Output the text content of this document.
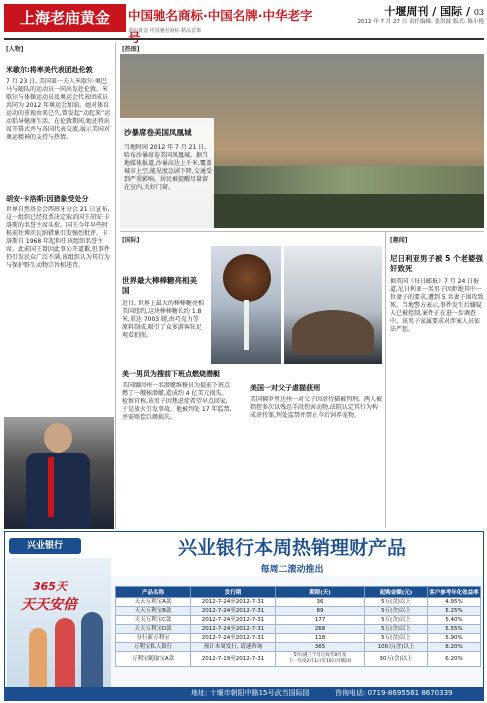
上海老庙黄金	中国驰名商标·中国名牌·中华老字
老庙黄金 中国驰名商标 精品首饰
十堰周刊 / 国际 / 03
2012 年 7 月 27 日 责任编辑: 张洪波 版式: 陈小艳
[人物]
米歇尔:将率美代表团赴伦敦
7 月 23 日, 美国第一夫人米歇尔·奥巴马与随队的运动员一同出发赴伦敦。米歇尔与体操运动员及奥运会代表团成员共同为 2012 年奥运会加油。她对体育运动的重视由来已久,曾发起“动起来”运动倡导健康生活。在伦敦期间,她还将出席开幕式并与各国代表交流,展示美国对奥运精神的支持与热情。
胡安·卡洛斯:因猎象受处分
世界自然基金会西班牙分会 21 日宣布,这一组织已经投票决定取消国王胡安·卡洛斯的名誉主席头衔。国王今年早些时候前往博茨瓦纳猎象引发强烈批评。卡洛斯自 1968 年起担任该组织名誉主席。此前国王曾因此事公开道歉,但事件仍引发民众广泛不满,该组织认为其行为与保护野生动物宗旨相违背。
[热图]
沙暴席卷美国凤凰城
当地时间 2012 年 7 月 21 日, 哈布沙暴席卷美国凤凰城。据当地媒体报道,沙暴高达上千米,覆盖城市上空,能见度急剧下降,交通受到严重影响。居民被提醒尽量留在室内,关好门窗。
[国际]
世界最大棒棒糖亮相美国
近日, 世界上最大的棒棒糖亮相美国纽约,这块棒棒糖长约 1.8 米,重达 7003 磅,由巧克力等原料制成,吸引了众多游客驻足观看拍照。
美一男员为搜前下班点燃烧潜艇
美国缅因州一名潜艇维修员为提前下班点燃了一艘核潜艇,造成约 4 亿美元损失。检察官称,该男子因焦虑症希望早点回家,于是放火引发事故。他被判处 17 年监禁,并需赔偿巨额损失。
美国一对父子虐猫获刑
美国佛罗里达州一对父子因虐待猫被判刑。两人被指控多次以残忍手段伤害动物,法院认定其行为构成虐待罪,判处监禁并禁止今后饲养宠物。
[趣闻]
尼日利亚男子被 5 个老婆强奸致死
据英国《每日邮报》7 月 24 日报道,尼日利亚一名男子因拒绝其中一位妻子的要求,遭到 5 名妻子围攻致死。当地警方表示,事件发生后嫌疑人已被控制,案件正在进一步调查中。该男子家属要求对涉案人员依法严惩。
兴业银行	兴业银行本周热销理财产品
每周二滚动推出
365天
天天安倍
产品名称	发行期	期限(天)	起购金额(元)	客户参考年化收益率
天天万利宝A款	2012-7-24至2012-7-31	36	5万(含)以上	4.95%
天天万利宝B款	2012-7-24至2012-7-31	89	5万(含)以上	5.25%
天天万利宝C款	2012-7-24至2012-7-31	177	5万(含)以上	5.40%
天天万利宝D款	2012-7-24至2012-7-31	268	5万(含)以上	5.55%
分行新万利宝	2012-7-24至2012-7-31	118	5万(含)以上	5.90%
万利宝私人银行	预计本周发行, 请速咨询	365	100万(含)以上	8.20%
万利宝随取宝A款	2012-7-19至2012-7-31	5年(满三个月后每年8月及
下一年度2月1日至10日可赎回)	30万(含)以上	6.20%
地址: 十堰市朝阳中路15号武当国际园	咨询电话: 0719-8695561 8670339
